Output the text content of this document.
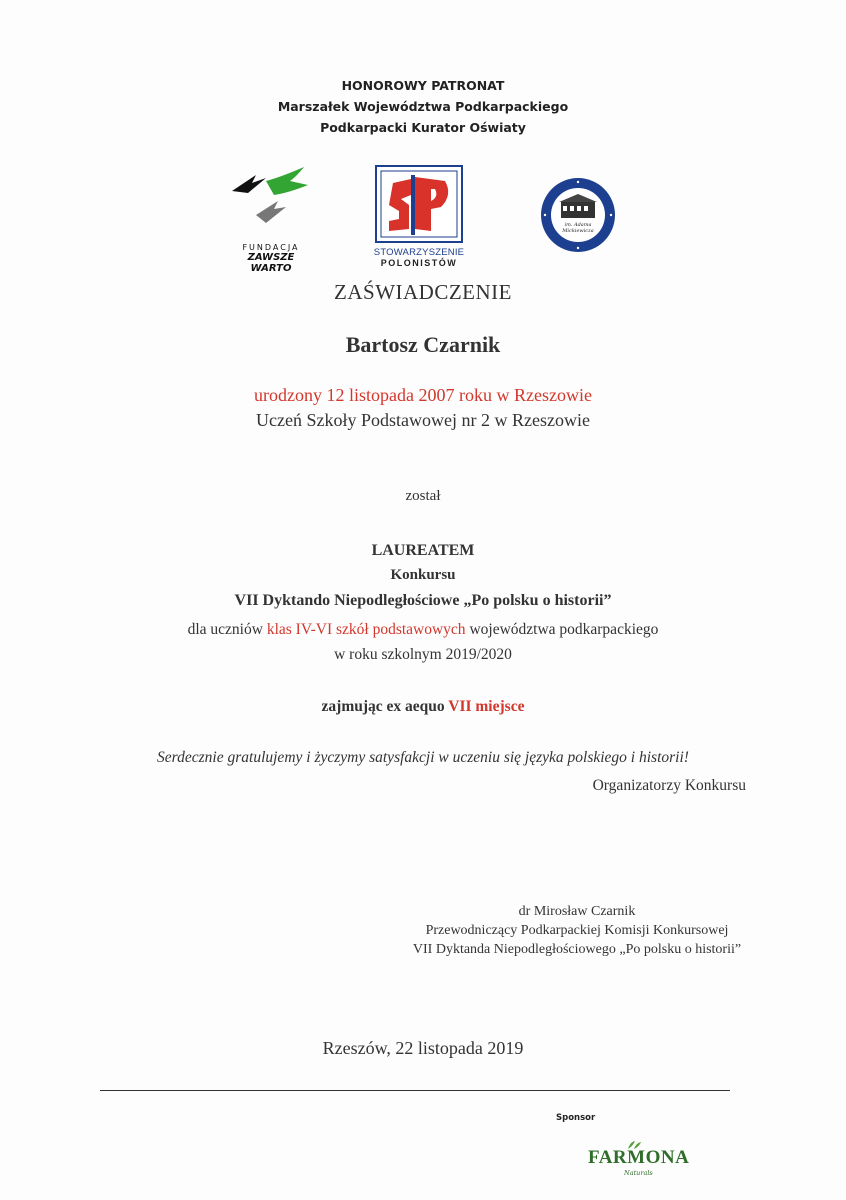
HONOROWY PATRONAT
Marszałek Województwa Podkarpackiego
Podkarpacki Kurator Oświaty
FUNDACJA
ZAWSZE WARTO
STOWARZYSZENIE
POLONISTÓW
im. Adama
Mickiewicza
ZAŚWIADCZENIE
Bartosz Czarnik
urodzony 12 listopada 2007 roku w Rzeszowie
Uczeń Szkoły Podstawowej nr 2 w Rzeszowie
został
LAUREATEM
Konkursu
VII Dyktando Niepodległościowe „Po polsku o historii”
dla uczniów klas IV-VI szkół podstawowych województwa podkarpackiego
w roku szkolnym 2019/2020
zajmując ex aequo VII miejsce
Serdecznie gratulujemy i życzymy satysfakcji w uczeniu się języka polskiego i historii!
Organizatorzy Konkursu
dr Mirosław Czarnik
Przewodniczący Podkarpackiej Komisji Konkursowej
VII Dyktanda Niepodległościowego „Po polsku o historii”
Rzeszów, 22 listopada 2019
Sponsor
FARMONA
Naturals
